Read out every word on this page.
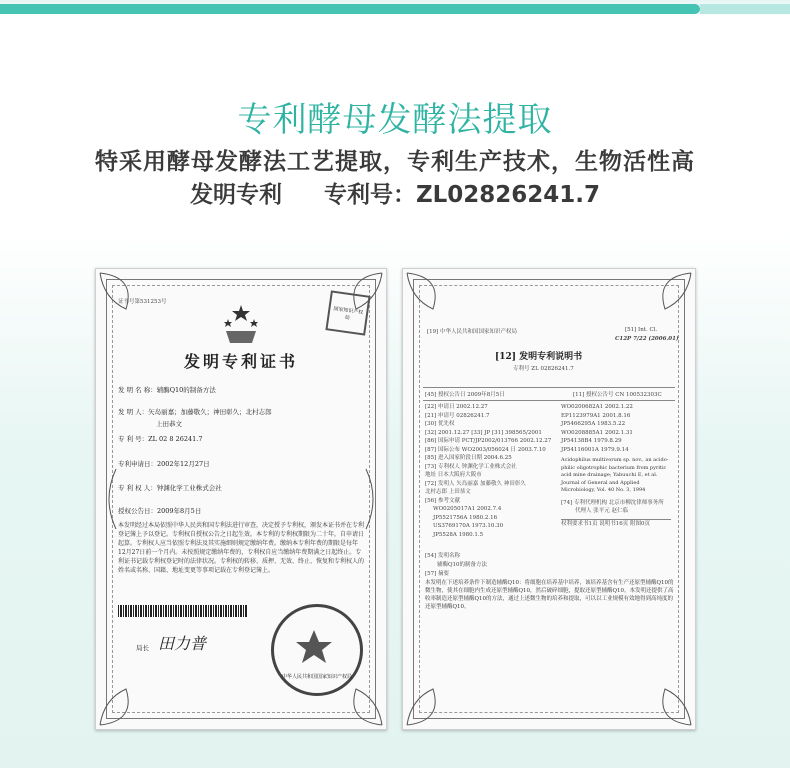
专利酵母发酵法提取
特采用酵母发酵法工艺提取，专利生产技术，生物活性高
发明专利 专利号：ZL02826241.7
证书号第531253号
国家知识产权局
发明专利证书
发 明 名 称：辅酶Q10的制备方法
发 明 人：矢岛丽嘉；加藤敬久；神田彰久；北村志郎
上田恭文
专 利 号：ZL 02 8 26241.7
专利申请日：2002年12月27日
专 利 权 人：钟渊化学工业株式会社
授权公告日：2009年8月5日
本发明经过本局依照中华人民共和国专利法进行审查，决定授予专利权，颁发本证书并在专利登记簿上予以登记。专利权自授权公告之日起生效。本专利的专利权期限为二十年，自申请日起算。专利权人应当依照专利法及其实施细则规定缴纳年费。缴纳本专利年费的期限是每年12月27日前一个月内。未按照规定缴纳年费的，专利权自应当缴纳年费期满之日起终止。专利证书记载专利权登记时的法律状况。专利权的转移、质押、无效、终止、恢复和专利权人的姓名或名称、国籍、地址变更等事项记载在专利登记簿上。
局长 田力普
中华人民共和国国家知识产权局
[19] 中华人民共和国国家知识产权局	[51] Int. Cl.
C12P 7/22 (2006.01)
[12] 发明专利说明书
专利号 ZL 02826241.7
[45] 授权公告日 2009年8月5日	[11] 授权公告号 CN 100532303C
[22] 申请日 2002.12.27
[21] 申请号 02826241.7
[30] 优先权
[32] 2001.12.27 [33] JP [31] 398565/2001
[86] 国际申请 PCT/JP2002/013766 2002.12.27
[87] 国际公布 WO2003/056024 日 2003.7.10
[85] 进入国家阶段日期 2004.6.25
[73] 专利权人 钟渊化学工业株式会社
地址 日本大阪府大阪市
[72] 发明人 矢岛丽嘉 加藤敬久 神田彰久
北村志郎 上田恭文
[56] 参考文献
WO0205017A1 2002.7.4
JP5521756A 1980.2.16
US3769170A 1973.10.30
JP5528A 1980.1.5
WO0200682A1 2002.1.22
EP1123979A1 2001.8.16
JP5466295A 1983.5.22
WO0208885A1 2002.1.31
JP54138B4 1979.8.29
JP54116001A 1979.9.14
Acidophilus multivorum sp. nov., an acido-philic oligotrophic bacterium from pyritic acid mine drainage; Yabuuchi E, et al. Journal of General and Applied Microbiology, Vol. 40 No. 3, 1994
[74] 专利代理机构 北京市柳沈律师事务所
代理人 张平元 赵仁临
权利要求书1页 说明书16页 附图0页
[54] 发明名称
辅酶Q10的制备方法
[57] 摘要
本发明在下述培养条件下制造辅酶Q10：将细胞在培养基中培养，该培养基含有生产还原型辅酶Q10的微生物，使其在细胞内生成还原型辅酶Q10，然后破碎细胞，提取还原型辅酶Q10。本发明还提供了高收率制造还原型辅酶Q10的方法，通过上述微生物的培养和提取，可以以工业规模有效地得到高纯度的还原型辅酶Q10。
